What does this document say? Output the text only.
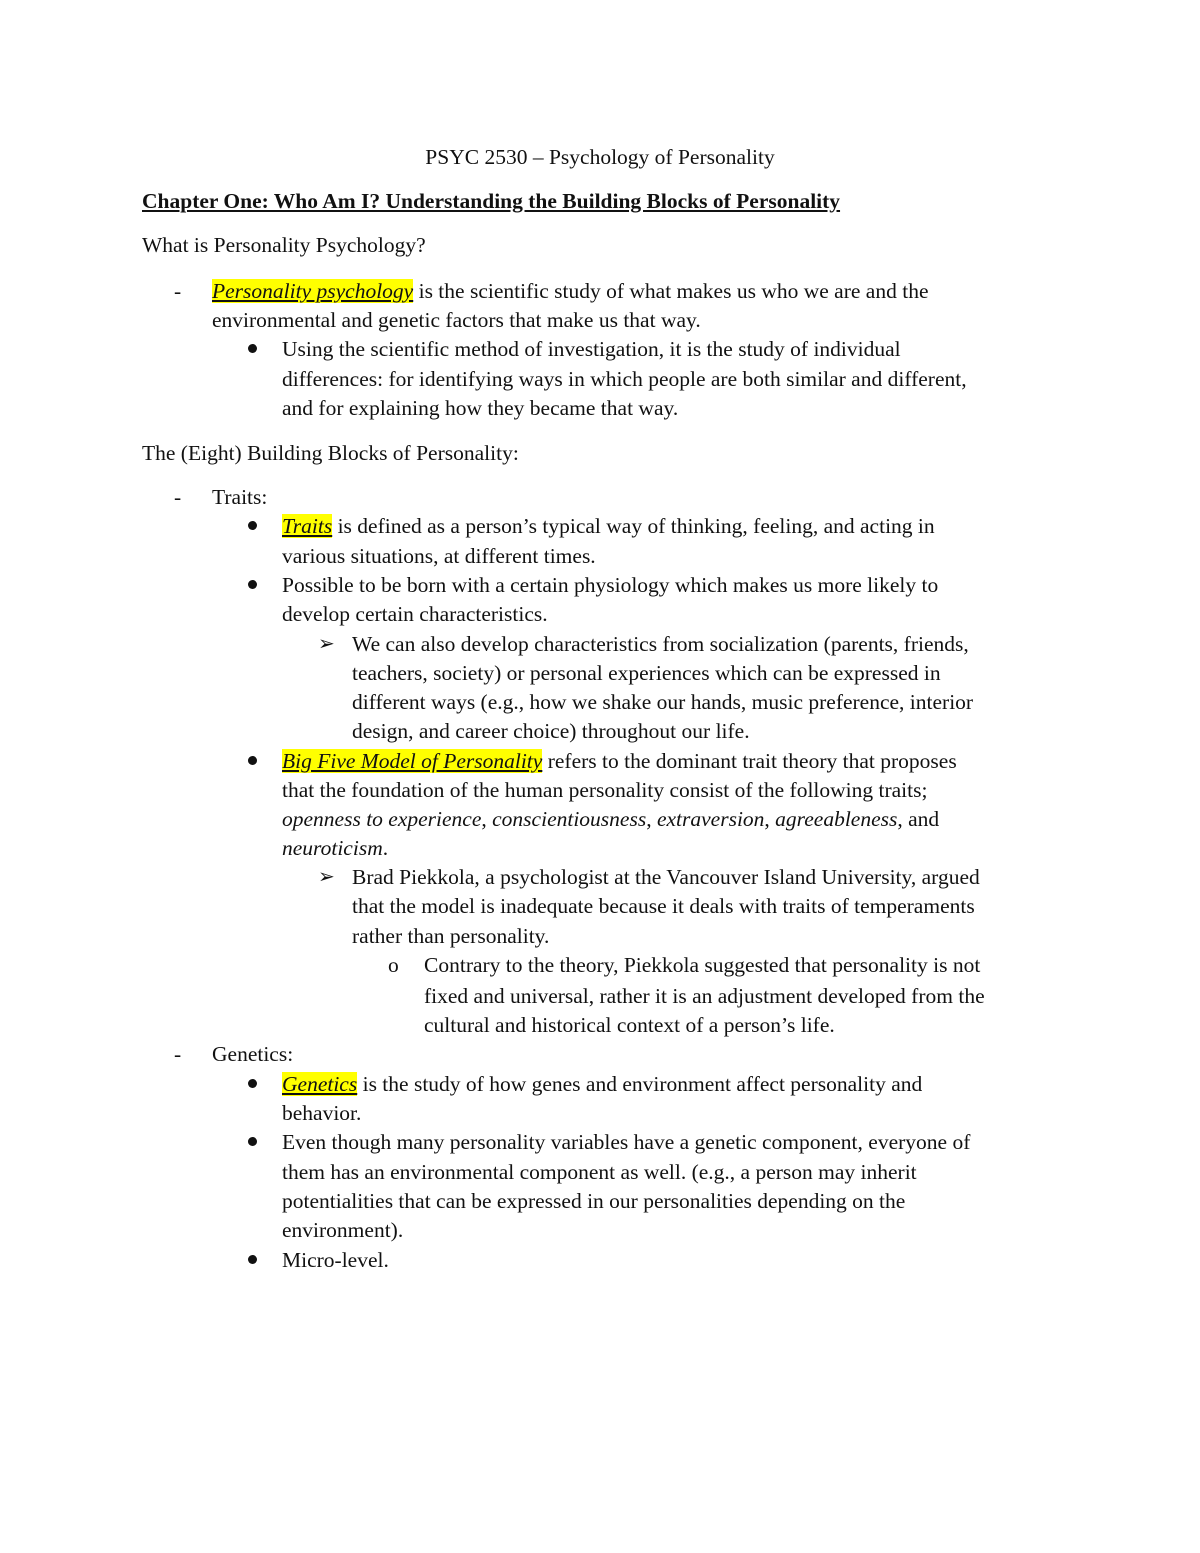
PSYC 2530 – Psychology of Personality
Chapter One: Who Am I? Understanding the Building Blocks of Personality
What is Personality Psychology?
- Personality psychology is the scientific study of what makes us who we are and the
environmental and genetic factors that make us that way.
Using the scientific method of investigation, it is the study of individual
differences: for identifying ways in which people are both similar and different,
and for explaining how they became that way.
The (Eight) Building Blocks of Personality:
- Traits:
Traits is defined as a person’s typical way of thinking, feeling, and acting in
various situations, at different times.
Possible to be born with a certain physiology which makes us more likely to
develop certain characteristics.
➢ We can also develop characteristics from socialization (parents, friends,
teachers, society) or personal experiences which can be expressed in
different ways (e.g., how we shake our hands, music preference, interior
design, and career choice) throughout our life.
Big Five Model of Personality refers to the dominant trait theory that proposes
that the foundation of the human personality consist of the following traits;
openness to experience, conscientiousness, extraversion, agreeableness, and
neuroticism.
➢ Brad Piekkola, a psychologist at the Vancouver Island University, argued
that the model is inadequate because it deals with traits of temperaments
rather than personality.
o Contrary to the theory, Piekkola suggested that personality is not
fixed and universal, rather it is an adjustment developed from the
cultural and historical context of a person’s life.
- Genetics:
Genetics is the study of how genes and environment affect personality and
behavior.
Even though many personality variables have a genetic component, everyone of
them has an environmental component as well. (e.g., a person may inherit
potentialities that can be expressed in our personalities depending on the
environment).
Micro-level.
